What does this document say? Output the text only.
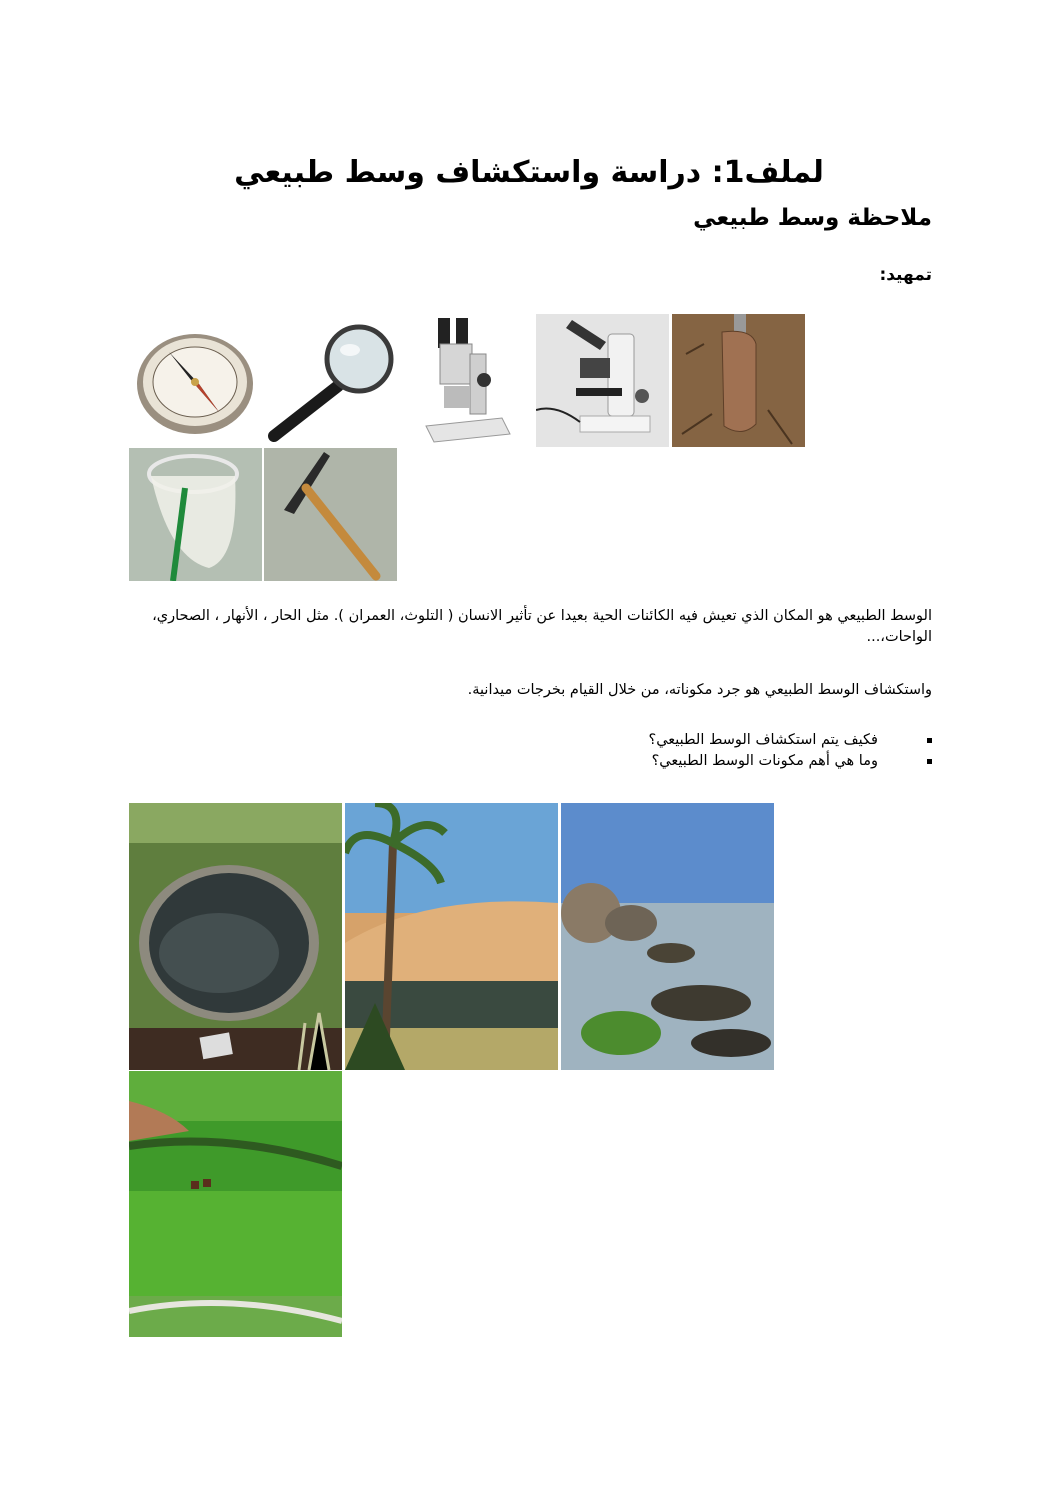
لملف1: دراسة واستكشاف وسط طبيعي
ملاحظة وسط طبيعي
تمهيد:
الوسط الطبيعي هو المكان الذي تعيش فيه الكائنات الحية بعيدا عن تأثير الانسان ( التلوث، العمران ). مثل الحار ، الأنهار ، الصحاري، الواحات،...
واستكشاف الوسط الطبيعي هو جرد مكوناته، من خلال القيام بخرجات ميدانية.
فكيف يتم استكشاف الوسط الطبيعي؟
وما هي أهم مكونات الوسط الطبيعي؟
